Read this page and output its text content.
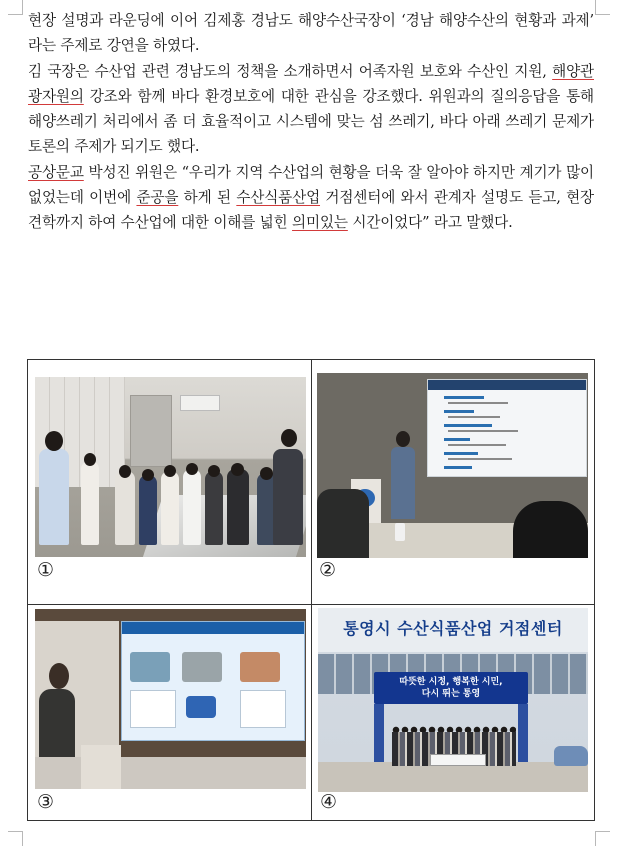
현장 설명과 라운딩에 이어 김제홍 경남도 해양수산국장이 ‘경남 해양수산의 현황과 과제’ 라는 주제로 강연을 하였다.

김 국장은 수산업 관련 경남도의 정책을 소개하면서 어족자원 보호와 수산인 지원, 해양관광자원의 강조와 함께 바다 환경보호에 대한 관심을 강조했다. 위원과의 질의응답을 통해 해양쓰레기 처리에서 좀 더 효율적이고 시스템에 맞는 섬 쓰레기, 바다 아래 쓰레기 문제가 토론의 주제가 되기도 했다.

공상문교 박성진 위원은 “우리가 지역 수산업의 현황을 더욱 잘 알아야 하지만 계기가 많이 없었는데 이번에 준공을 하게 된 수산식품산업 거점센터에 와서 관계자 설명도 듣고, 현장 견학까지 하여 수산업에 대한 이해를 넓힌 의미있는 시간이었다” 라고 말했다.

①	②
③
통영시 수산식품산업 거점센터
따뜻한 시정, 행복한 시민,
다시 뛰는 통영
④
